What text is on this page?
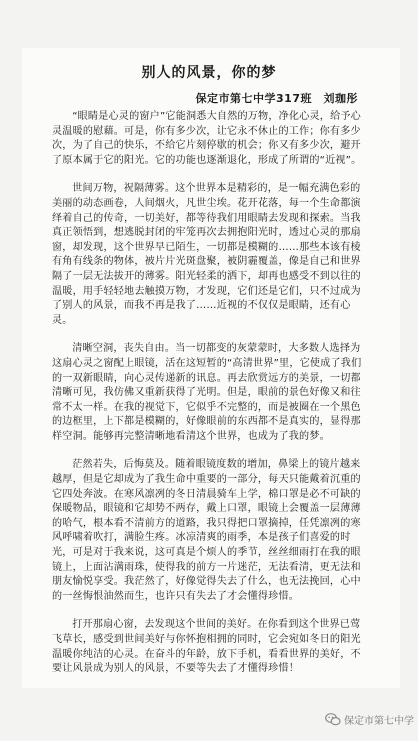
别人的风景，你的梦
保定市第七中学317班　刘珈彤

“眼睛是心灵的窗户”它能洞悉大自然的万物，净化心灵，给予心灵温暖的慰藉。可是，你有多少次，让它永不休止的工作；你有多少次，为了自己的快乐，不给它片刻停歇的机会；你又有多少次，避开了原本属于它的阳光。它的功能也逐渐退化，形成了所谓的“近视”。

世间万物，祝隔薄雾。这个世界本是精彩的，是一幅充满色彩的美丽的动态画卷，人间烟火，凡世尘埃。花开花落，每一个生命都演绎着自己的传奇，一切美好，都等待我们用眼睛去发现和探索。当我真正领悟到，想逃脱封闭的牢笼再次去拥抱阳光时，透过心灵的那扇窗，却发现，这个世界早已陌生，一切都是模糊的……那些本该有棱有角有线条的物体，被片片光斑盘聚，被阴霾覆盖，像是自己和世界隔了一层无法拔开的薄雾。阳光轻柔的洒下，却再也感受不到以往的温暖，用手轻轻地去触摸万物，才发现，它们还是它们，只不过成为了别人的风景，而我不再是我了……近视的不仅仅是眼睛，还有心灵。

清晰空洞，丧失自由。当一切都变的灰蒙蒙时，大多数人选择为这扇心灵之窗配上眼镜，活在这短暂的“高清世界”里，它使成了我们的一双新眼睛，向心灵传递新的讯息。再去欣赏远方的美景，一切都清晰可见，我仿佛又重新获得了光明。但是，眼前的景色好像又和往常不太一样。在我的视觉下，它似乎不完整的，而是被圈在一个黑色的边框里，上下都是模糊的，好像眼前的东西都不是真实的，显得那样空洞。能够再完整清晰地看清这个世界，也成为了我的梦。

茫然若失，后悔莫及。随着眼镜度数的增加，鼻梁上的镜片越来越厚，但是它却成为了我生命中重要的一部分，每天只能戴着沉重的它四处奔波。在寒风凛冽的冬日清晨骑车上学，棉口罩是必不可缺的保暖物品，眼镜和它却势不两存，戴上口罩，眼镜上会覆盖一层薄薄的哈气，根本看不清前方的道路，我只得把口罩摘掉，任凭凛冽的寒风呼啸着吹打，满脸生疼。冰凉清爽的雨季，本是孩子们喜爱的时光，可是对于我来说，这可真是个烦人的季节，丝丝细雨打在我的眼镜上，上面沾满雨珠，使得我的前方一片迷茫，无法看清，更无法和朋友愉悦享受。我茫然了，好像觉得失去了什么，也无法挽回，心中的一丝悔恨油然而生，也许只有失去了才会懂得珍惜。

打开那扇心窗，去发现这个世间的美好。在你看到这个世界已莺飞草长，感受到世间美好与你怀抱相拥的同时，它会宛如冬日的阳光温暖你纯洁的心灵。在奋斗的年龄，放下手机，看看世界的美好，不要让风景成为别人的风景，不要等失去了才懂得珍惜！

保定市第七中学
